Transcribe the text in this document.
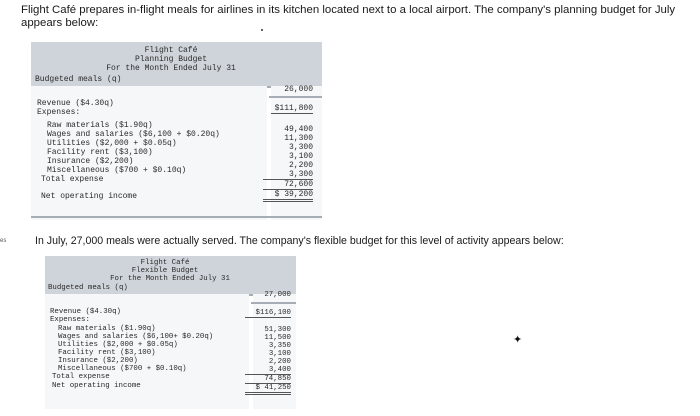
Flight Café prepares in-flight meals for airlines in its kitchen located next to a local airport. The company's planning budget for July appears below:
Flight Café
Planning Budget
For the Month Ended July 31
Budgeted meals (q)
26,000
Revenue ($4.30q)
$111,800
Expenses:
Raw materials ($1.90q)
Wages and salaries ($6,100 + $0.20q)
Utilities ($2,000 + $0.05q)
Facility rent ($3,100)
Insurance ($2,200)
Miscellaneous ($700 + $0.10q)
Total expense
Net operating income
49,400
11,300
3,300
3,100
2,200
3,300
72,600
$ 39,200
es	In July, 27,000 meals were actually served. The company's flexible budget for this level of activity appears below:
Flight Café
Flexible Budget
For the Month Ended July 31
Budgeted meals (q)
27,000
Revenue ($4.30q)	$116,100
Expenses:
Raw materials ($1.90q)
Wages and salaries ($6,100+ $0.20q)
Utilities ($2,000 + $0.05q)
Facility rent ($3,100)
Insurance ($2,200)
Miscellaneous ($700 + $0.10q)
Total expense
Net operating income
51,300
11,500
3,350
3,100
2,200
3,400
74,850
$ 41,250
✦
